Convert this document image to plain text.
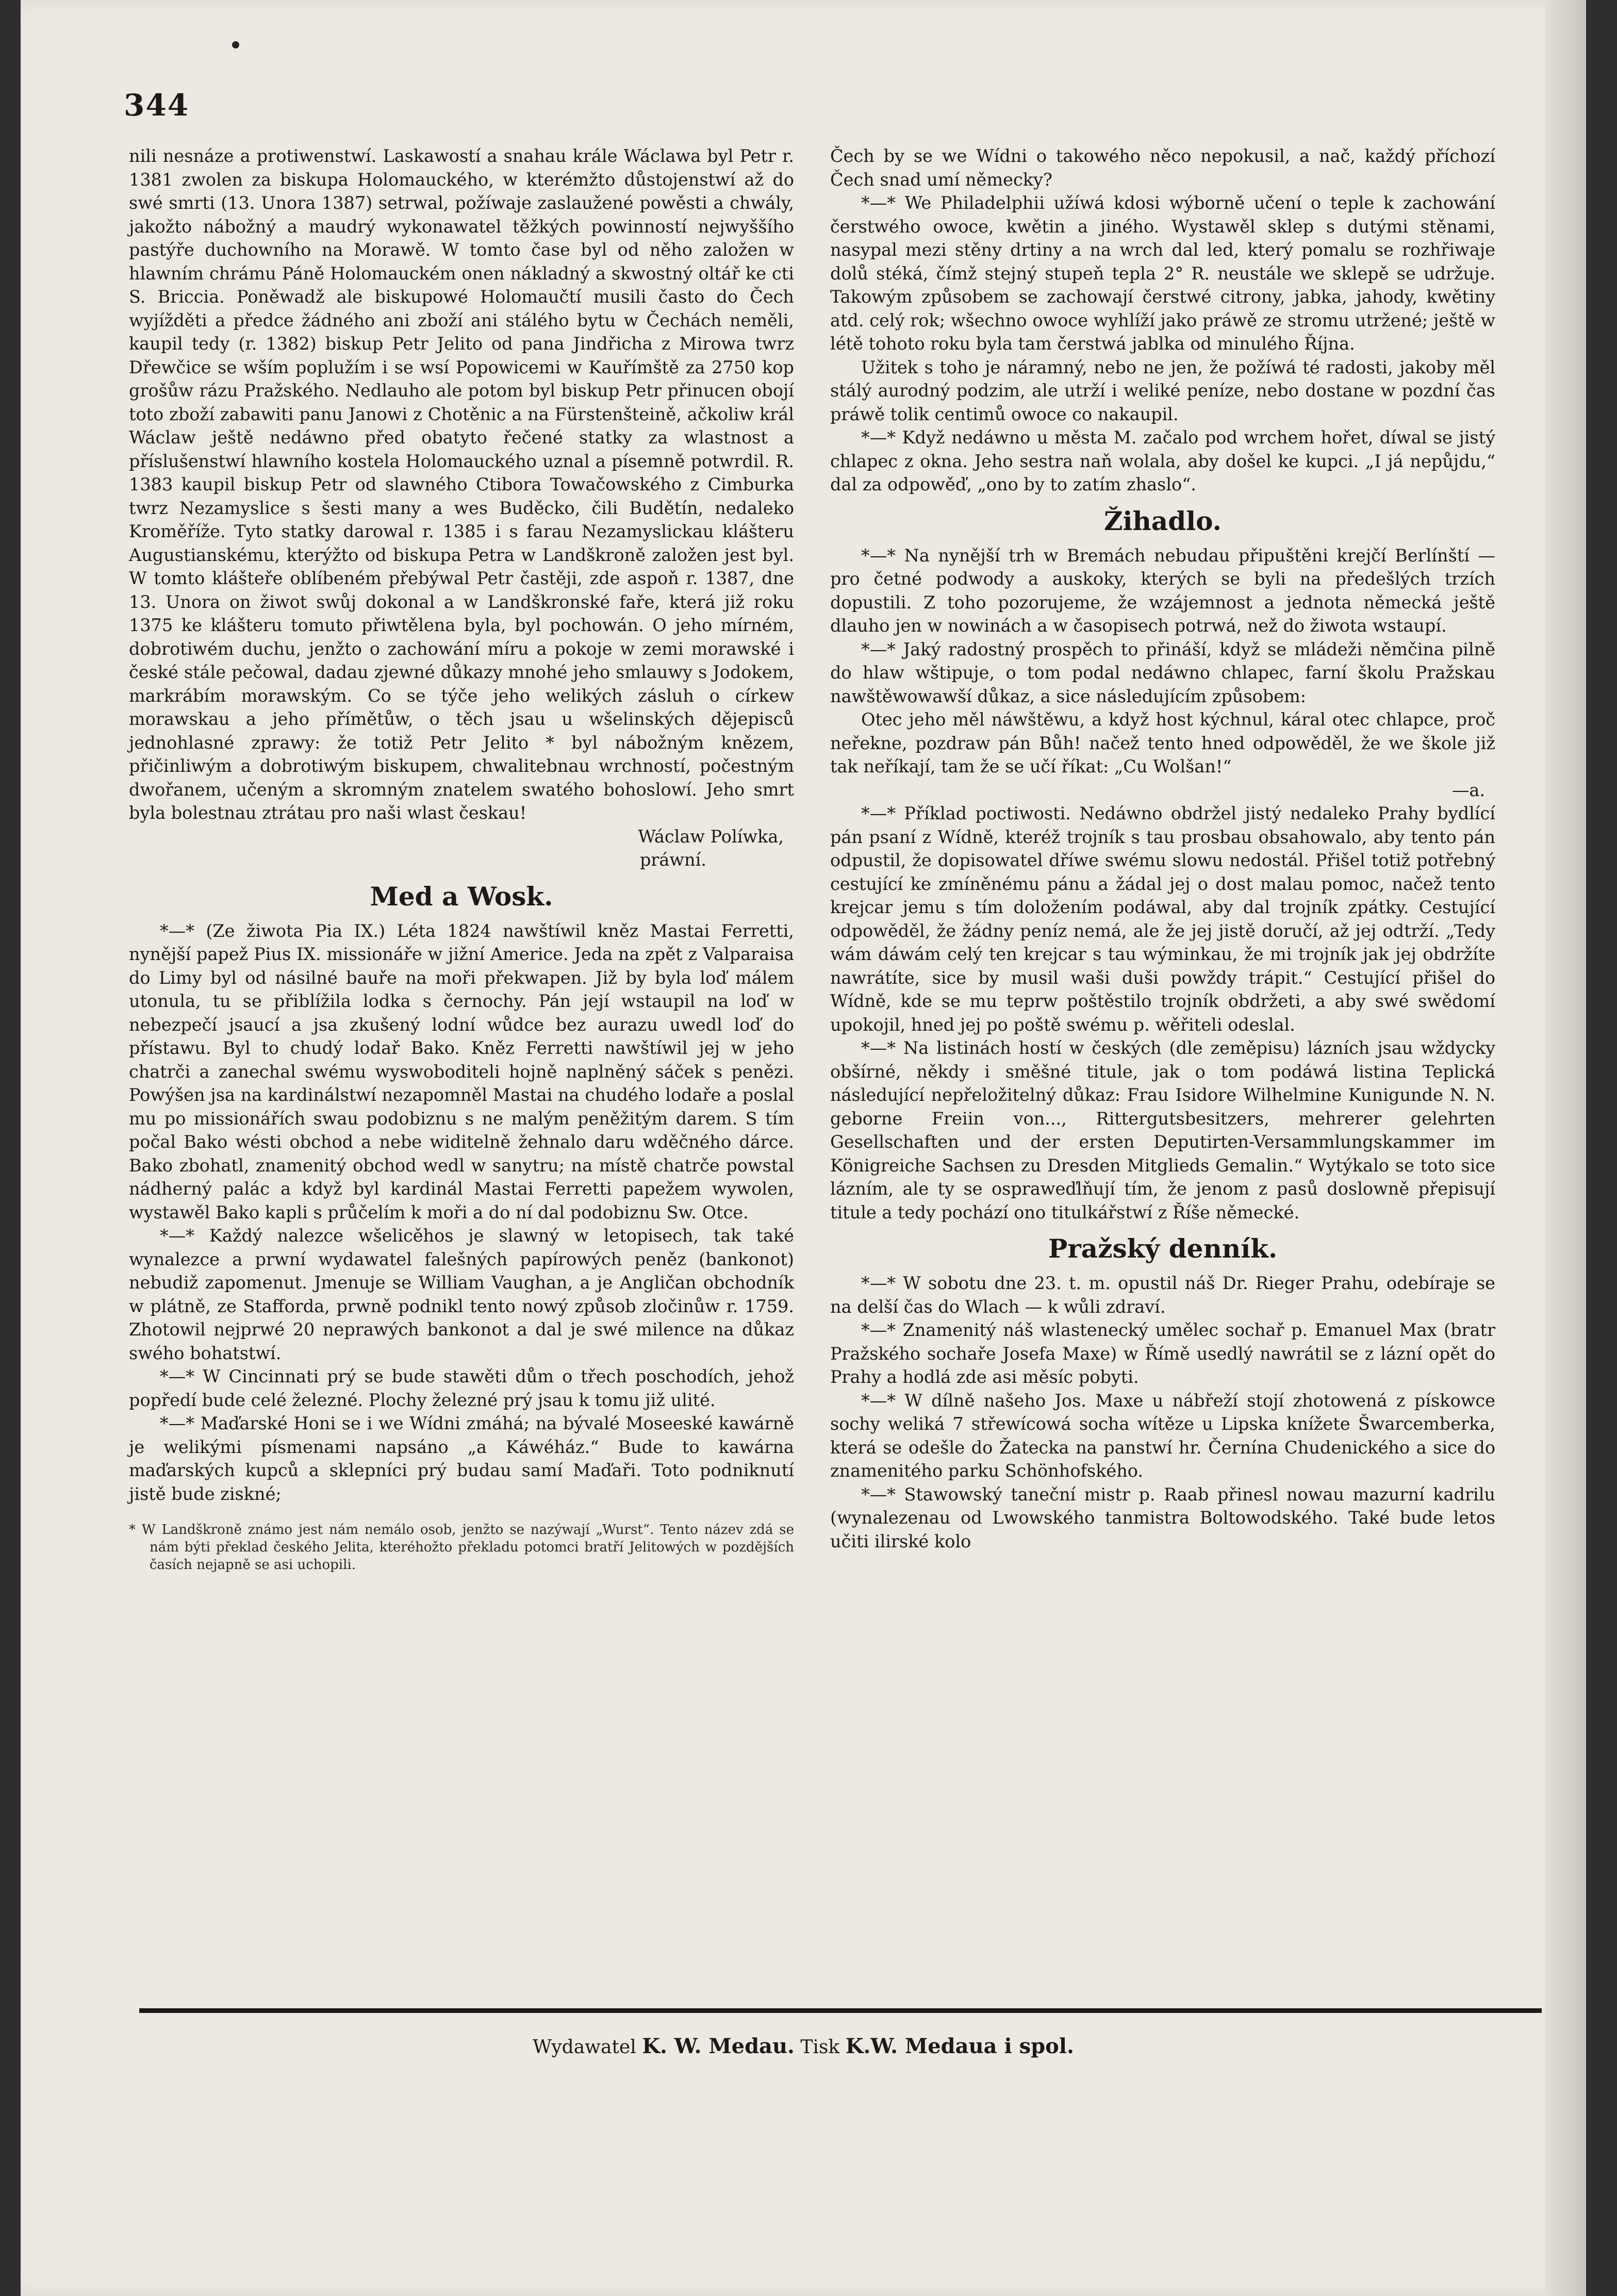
344

nili nesnáze a protiwenstwí. Laskawostí a snahau krále Wáclawa byl Petr r. 1381 zwolen za biskupa Holomauckého, w kterémžto důstojenstwí až do swé smrti (13. Unora 1387) setrwal, požíwaje zaslaužené powěsti a chwály, jakožto nábožný a maudrý wykonawatel těžkých powinností nejwyššího pastýře duchowního na Morawě. W tomto čase byl od něho založen w hlawním chrámu Páně Holomauckém onen nákladný a skwostný oltář ke cti S. Briccia. Poněwadž ale biskupowé Holomaučtí musili často do Čech wyjížděti a předce žádného ani zboží ani stálého bytu w Čechách neměli, kaupil tedy (r. 1382) biskup Petr Jelito od pana Jindřicha z Mirowa twrz Dřewčice se wším poplužím i se wsí Popowicemi w Kauřímště za 2750 kop grošůw rázu Pražského. Nedlauho ale potom byl biskup Petr přinucen obojí toto zboží zabawiti panu Janowi z Chotěnic a na Fürstenšteině, ačkoliw král Wáclaw ještě nedáwno před obatyto řečené statky za wlastnost a příslušenstwí hlawního kostela Holomauckého uznal a písemně potwrdil. R. 1383 kaupil biskup Petr od slawného Ctibora Towačowského z Cimburka twrz Nezamyslice s šesti many a wes Buděcko, čili Budětín, nedaleko Kroměříže. Tyto statky darowal r. 1385 i s farau Nezamyslickau klášteru Augustianskému, kterýžto od biskupa Petra w Landškroně založen jest byl. W tomto klášteře oblíbeném přebýwal Petr častěji, zde aspoň r. 1387, dne 13. Unora on žiwot swůj dokonal a w Landškronské faře, která již roku 1375 ke klášteru tomuto přiwtělena byla, byl pochowán. O jeho mírném, dobrotiwém duchu, jenžto o zachowání míru a pokoje w zemi morawské i české stále pečowal, dadau zjewné důkazy mnohé jeho smlauwy s Jodokem, markrábím morawským. Co se týče jeho welikých zásluh o církew morawskau a jeho přímětůw, o těch jsau u wšelinských dějepisců jednohlasné zprawy: že totiž Petr Jelito * byl nábožným knězem, přičinliwým a dobrotiwým biskupem, chwalitebnau wrchností, počestným dwořanem, učeným a skromným znatelem swatého bohoslowí. Jeho smrt byla bolestnau ztrátau pro naši wlast českau!

Wáclaw Políwka,

práwní.

Med a Wosk.

*—* (Ze žiwota Pia IX.) Léta 1824 nawštíwil kněz Mastai Ferretti, nynější papež Pius IX. missionáře w jižní Americe. Jeda na zpět z Valparaisa do Limy byl od násilné bauře na moři překwapen. Již by byla loď málem utonula, tu se přiblížila lodka s černochy. Pán její wstaupil na loď w nebezpečí jsaucí a jsa zkušený lodní wůdce bez aurazu uwedl loď do přístawu. Byl to chudý lodař Bako. Kněz Ferretti nawštíwil jej w jeho chatrči a zanechal swému wyswoboditeli hojně naplněný sáček s penězi. Powýšen jsa na kardinálstwí nezapomněl Mastai na chudého lodaře a poslal mu po missionářích swau podobiznu s ne malým peněžitým darem. S tím počal Bako wésti obchod a nebe widitelně žehnalo daru wděčného dárce. Bako zbohatl, znamenitý obchod wedl w sanytru; na místě chatrče powstal nádherný palác a když byl kardinál Mastai Ferretti papežem wywolen, wystawěl Bako kapli s průčelím k moři a do ní dal podobiznu Sw. Otce.

*—* Každý nalezce wšelicěhos je slawný w letopisech, tak také wynalezce a prwní wydawatel falešných papírowých peněz (bankonot) nebudiž zapomenut. Jmenuje se William Vaughan, a je Angličan obchodník w plátně, ze Stafforda, prwně podnikl tento nowý způsob zločinůw r. 1759. Zhotowil nejprwé 20 neprawých bankonot a dal je swé milence na důkaz swého bohatstwí.

*—* W Cincinnati prý se bude stawěti dům o třech poschodích, jehož popředí bude celé železné. Plochy železné prý jsau k tomu již ulité.

*—* Maďarské Honi se i we Wídni zmáhá; na bývalé Moseeské kawárně je welikými písmenami napsáno „a Káwéház.“ Bude to kawárna maďarských kupců a sklepníci prý budau samí Maďaři. Toto podniknutí jistě bude ziskné;

* W Landškroně známo jest nám nemálo osob, jenžto se nazýwají „Wurst“. Tento název zdá se nám býti překlad českého Jelita, kteréhožto překladu potomci bratří Jelitowých w pozdějších časích nejapně se asi uchopili.

Čech by se we Wídni o takowého něco nepokusil, a nač, každý příchozí Čech snad umí německy?

*—* We Philadelphii užíwá kdosi wýborně učení o teple k zachowání čerstwého owoce, kwětin a jiného. Wystawěl sklep s dutými stěnami, nasypal mezi stěny drtiny a na wrch dal led, který pomalu se rozhřiwaje dolů stéká, čímž stejný stupeň tepla 2° R. neustále we sklepě se udržuje. Takowým způsobem se zachowají čerstwé citrony, jabka, jahody, kwětiny atd. celý rok; wšechno owoce wyhlíží jako práwě ze stromu utržené; ještě w létě tohoto roku byla tam čerstwá jablka od minulého Října.

Užitek s toho je náramný, nebo ne jen, že požíwá té radosti, jakoby měl stálý aurodný podzim, ale utrží i weliké peníze, nebo dostane w pozdní čas práwě tolik centimů owoce co nakaupil.

*—* Když nedáwno u města M. začalo pod wrchem hořet, díwal se jistý chlapec z okna. Jeho sestra naň wolala, aby došel ke kupci. „I já nepůjdu,“ dal za odpowěď, „ono by to zatím zhaslo“.

Žihadlo.

*—* Na nynější trh w Bremách nebudau připuštěni krejčí Berlínští — pro četné podwody a auskoky, kterých se byli na předešlých trzích dopustili. Z toho pozorujeme, že wzájemnost a jednota německá ještě dlauho jen w nowinách a w časopisech potrwá, než do žiwota wstaupí.

*—* Jaký radostný prospěch to přináší, když se mládeži němčina pilně do hlaw wštipuje, o tom podal nedáwno chlapec, farní školu Pražskau nawštěwowawší důkaz, a sice následujícím způsobem:

Otec jeho měl náwštěwu, a když host kýchnul, káral otec chlapce, proč neřekne, pozdraw pán Bůh! načež tento hned odpowěděl, že we škole již tak neříkají, tam že se učí říkat: „Cu Wolšan!“

—a.

*—* Příklad poctiwosti. Nedáwno obdržel jistý nedaleko Prahy bydlící pán psaní z Wídně, kteréž trojník s tau prosbau obsahowalo, aby tento pán odpustil, že dopisowatel dříwe swému slowu nedostál. Přišel totiž potřebný cestující ke zmíněnému pánu a žádal jej o dost malau pomoc, načež tento krejcar jemu s tím doložením podáwal, aby dal trojník zpátky. Cestující odpowěděl, že žádny peníz nemá, ale že jej jistě doručí, až jej odtrží. „Tedy wám dáwám celý ten krejcar s tau wýminkau, že mi trojník jak jej obdržíte nawrátíte, sice by musil waši duši powždy trápit.“ Cestující přišel do Wídně, kde se mu teprw poštěstilo trojník obdržeti, a aby swé swědomí upokojil, hned jej po poště swému p. wěřiteli odeslal.

*—* Na listinách hostí w českých (dle zeměpisu) lázních jsau wždycky obšírné, někdy i směšné titule, jak o tom podáwá listina Teplická následující nepřeložitelný důkaz: Frau Isidore Wilhelmine Kunigunde N. N. geborne Freiin von..., Rittergutsbesitzers, mehrerer gelehrten Gesellschaften und der ersten Deputirten-Versammlungskammer im Königreiche Sachsen zu Dresden Mitglieds Gemalin.“ Wytýkalo se toto sice lázním, ale ty se ospraweďlňují tím, že jenom z pasů doslowně přepisují titule a tedy pochází ono titulkářstwí z Říše německé.

Pražský denník.

*—* W sobotu dne 23. t. m. opustil náš Dr. Rieger Prahu, odebíraje se na delší čas do Wlach — k wůli zdraví.

*—* Znamenitý náš wlastenecký umělec sochař p. Emanuel Max (bratr Pražského sochaře Josefa Maxe) w Římě usedlý nawrátil se z lázní opět do Prahy a hodlá zde asi měsíc pobyti.

*—* W dílně našeho Jos. Maxe u nábřeží stojí zhotowená z pískowce sochy weliká 7 střewícowá socha wítěze u Lipska knížete Šwarcemberka, která se odešle do Žatecka na panstwí hr. Černína Chudenického a sice do znamenitého parku Schönhofského.

*—* Stawowský taneční mistr p. Raab přinesl nowau mazurní kadrilu (wynalezenau od Lwowského tanmistra Boltowodského. Také bude letos učiti ilirské kolo

Wydawatel K. W. Medau. Tisk K.W. Medaua i spol.
